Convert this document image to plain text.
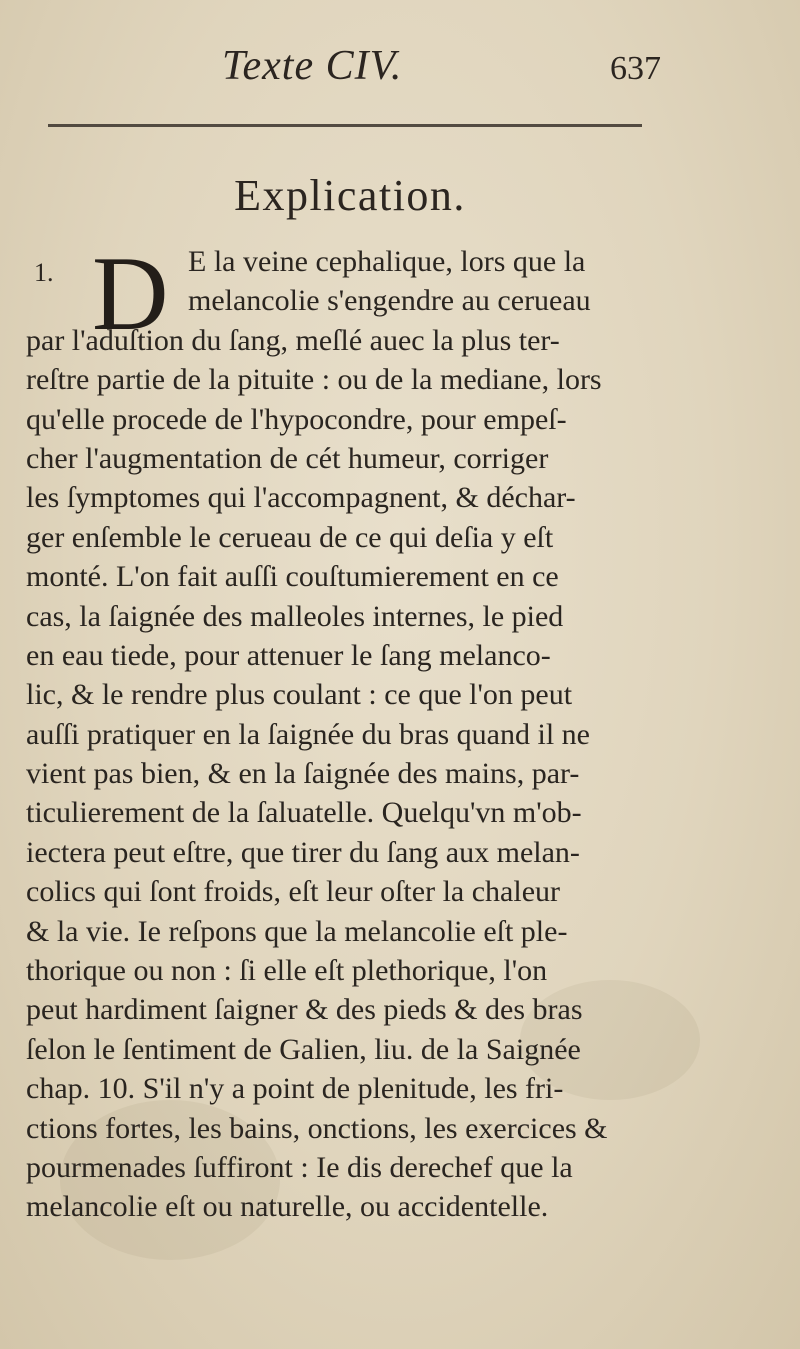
Texte CIV.	637
Explication.
1. D E la veine cephalique, lors que la
melancolie s'engendre au cerueau
par l'aduſtion du ſang, meſlé auec la plus ter-
reſtre partie de la pituite : ou de la mediane, lors
qu'elle procede de l'hypocondre, pour empeſ-
cher l'augmentation de cét humeur, corriger
les ſymptomes qui l'accompagnent, & déchar-
ger enſemble le cerueau de ce qui deſia y eſt
monté. L'on fait auſſi couſtumierement en ce
cas, la ſaignée des malleoles internes, le pied
en eau tiede, pour attenuer le ſang melanco-
lic, & le rendre plus coulant : ce que l'on peut
auſſi pratiquer en la ſaignée du bras quand il ne
vient pas bien, & en la ſaignée des mains, par-
ticulierement de la ſaluatelle. Quelqu'vn m'ob-
iectera peut eſtre, que tirer du ſang aux melan-
colics qui ſont froids, eſt leur oſter la chaleur
& la vie. Ie reſpons que la melancolie eſt ple-
thorique ou non : ſi elle eſt plethorique, l'on
peut hardiment ſaigner & des pieds & des bras
ſelon le ſentiment de Galien, liu. de la Saignée
chap. 10. S'il n'y a point de plenitude, les fri-
ctions fortes, les bains, onctions, les exercices &
pourmenades ſuffiront : Ie dis derechef que la
melancolie eſt ou naturelle, ou accidentelle.
